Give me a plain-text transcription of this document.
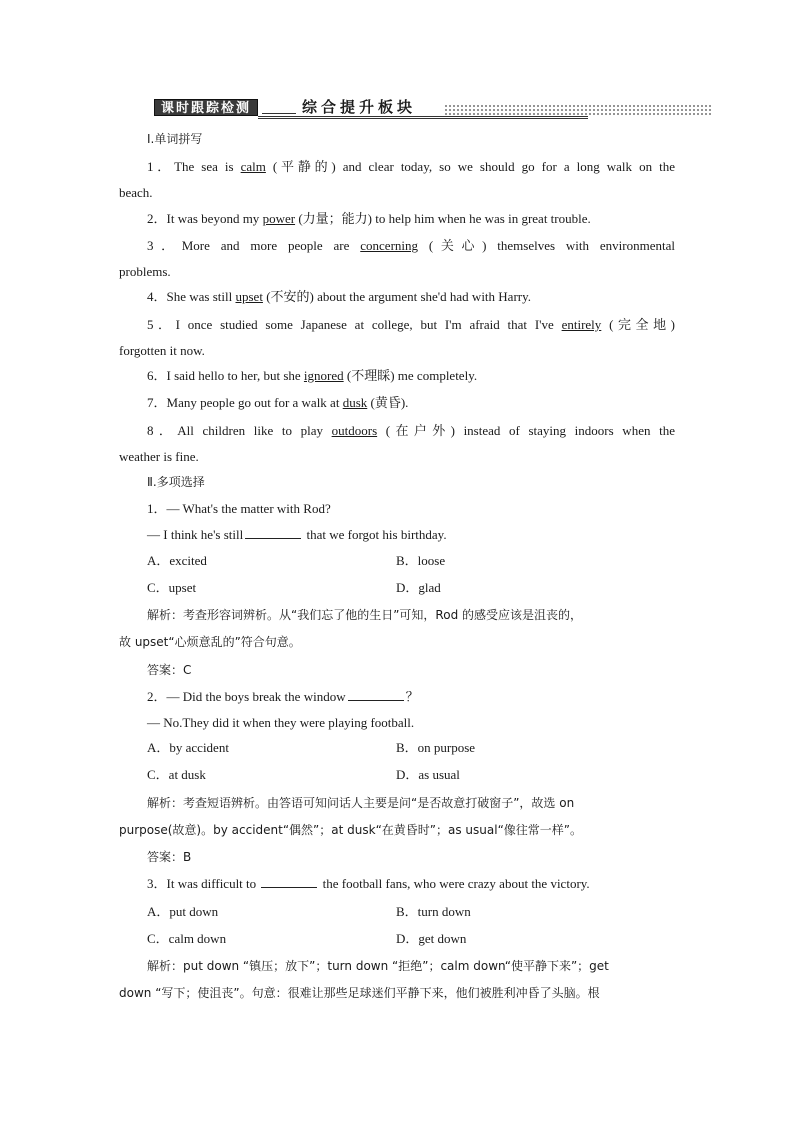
课时跟踪检测	综合提升板块
Ⅰ.单词拼写
1．The sea is calm (平静的) and clear today, so we should go for a long walk on the
beach.
2．It was beyond my power (力量；能力) to help him when he was in great trouble.
3．More and more people are concerning (关心) themselves with environmental
problems.
4．She was still upset (不安的) about the argument she'd had with Harry.
5．I once studied some Japanese at college, but I'm afraid that I've entirely (完全地)
forgotten it now.
6．I said hello to her, but she ignored (不理睬) me completely.
7．Many people go out for a walk at dusk (黄昏).
8．All children like to play outdoors (在户外) instead of staying indoors when the
weather is fine.
Ⅱ.多项选择
1．— What's the matter with Rod?
— I think he's still	that we forgot his birthday.
A．excited	B．loose
C．upset	D．glad
解析：考查形容词辨析。从“我们忘了他的生日”可知，Rod 的感受应该是沮丧的，
故 upset“心烦意乱的”符合句意。
答案：C
2．— Did the boys break the window	？
— No.They did it when they were playing football.
A．by accident	B．on purpose
C．at dusk	D．as usual
解析：考查短语辨析。由答语可知问话人主要是问“是否故意打破窗子”，故选 on
purpose(故意)。by accident“偶然”；at dusk“在黄昏时”；as usual“像往常一样”。
答案：B
3．It was difficult to	the football fans, who were crazy about the victory.
A．put down	B．turn down
C．calm down	D．get down
解析：put down “镇压；放下”；turn down “拒绝”；calm down“使平静下来”；get
down “写下；使沮丧”。句意：很难让那些足球迷们平静下来，他们被胜利冲昏了头脑。根
